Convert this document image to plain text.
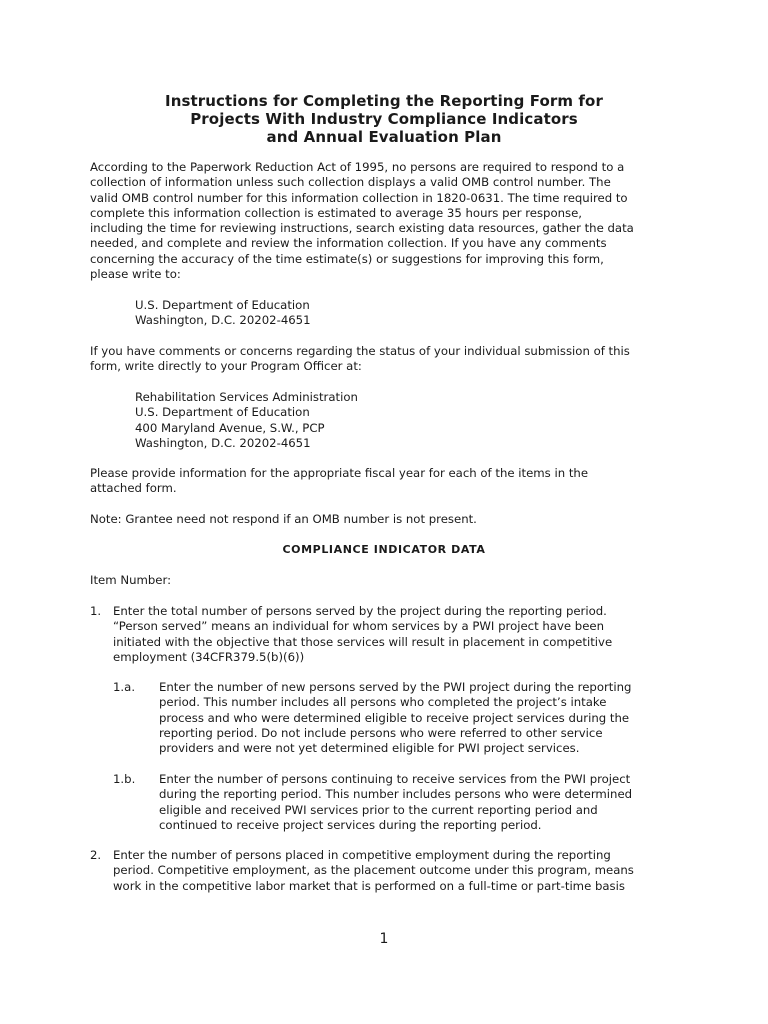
Instructions for Completing the Reporting Form for
Projects With Industry Compliance Indicators
and Annual Evaluation Plan
According to the Paperwork Reduction Act of 1995, no persons are required to respond to a
collection of information unless such collection displays a valid OMB control number. The
valid OMB control number for this information collection in 1820-0631. The time required to
complete this information collection is estimated to average 35 hours per response,
including the time for reviewing instructions, search existing data resources, gather the data
needed, and complete and review the information collection. If you have any comments
concerning the accuracy of the time estimate(s) or suggestions for improving this form,
please write to:
U.S. Department of Education
Washington, D.C. 20202-4651
If you have comments or concerns regarding the status of your individual submission of this
form, write directly to your Program Officer at:
Rehabilitation Services Administration
U.S. Department of Education
400 Maryland Avenue, S.W., PCP
Washington, D.C. 20202-4651
Please provide information for the appropriate fiscal year for each of the items in the
attached form.
Note: Grantee need not respond if an OMB number is not present.
COMPLIANCE INDICATOR DATA
Item Number:
1. Enter the total number of persons served by the project during the reporting period.
“Person served” means an individual for whom services by a PWI project have been
initiated with the objective that those services will result in placement in competitive
employment (34CFR379.5(b)(6))
1.a. Enter the number of new persons served by the PWI project during the reporting
period. This number includes all persons who completed the project’s intake
process and who were determined eligible to receive project services during the
reporting period. Do not include persons who were referred to other service
providers and were not yet determined eligible for PWI project services.
1.b. Enter the number of persons continuing to receive services from the PWI project
during the reporting period. This number includes persons who were determined
eligible and received PWI services prior to the current reporting period and
continued to receive project services during the reporting period.
2. Enter the number of persons placed in competitive employment during the reporting
period. Competitive employment, as the placement outcome under this program, means
work in the competitive labor market that is performed on a full-time or part-time basis
1
